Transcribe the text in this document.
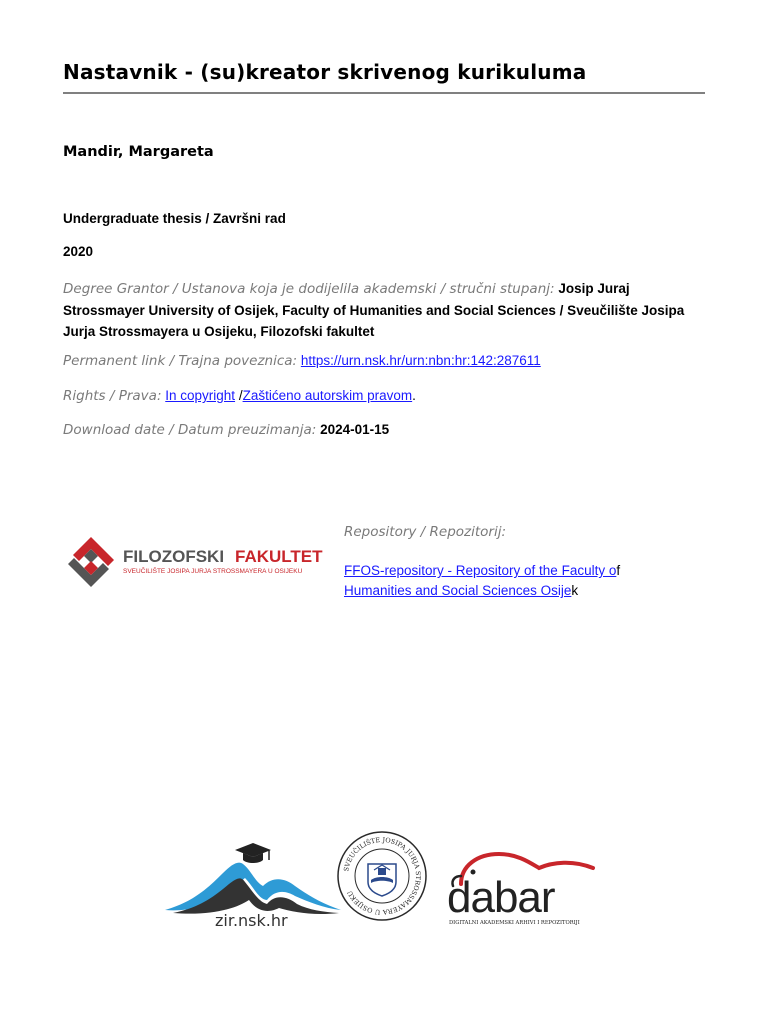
Nastavnik - (su)kreator skrivenog kurikuluma
Mandir, Margareta
Undergraduate thesis / Završni rad
2020
Degree Grantor / Ustanova koja je dodijelila akademski / stručni stupanj: Josip Juraj Strossmayer University of Osijek, Faculty of Humanities and Social Sciences / Sveučilište Josipa Jurja Strossmayera u Osijeku, Filozofski fakultet
Permanent link / Trajna poveznica: https://urn.nsk.hr/urn:nbn:hr:142:287611
Rights / Prava: In copyright /Zaštićeno autorskim pravom.
Download date / Datum preuzimanja: 2024-01-15
FILOZOFSKI FAKULTET
SVEUČILIŠTE JOSIPA JURJA STROSSMAYERA U OSIJEKU
Repository / Repozitorij:
FFOS-repository - Repository of the Faculty of
Humanities and Social Sciences Osijek
zir.nsk.hr
SVEUČILIŠTE JOSIPA JURJA STROSSMAYERA U OSIJEKU	dabar
DIGITALNI AKADEMSKI ARHIVI I REPOZITORIJI
